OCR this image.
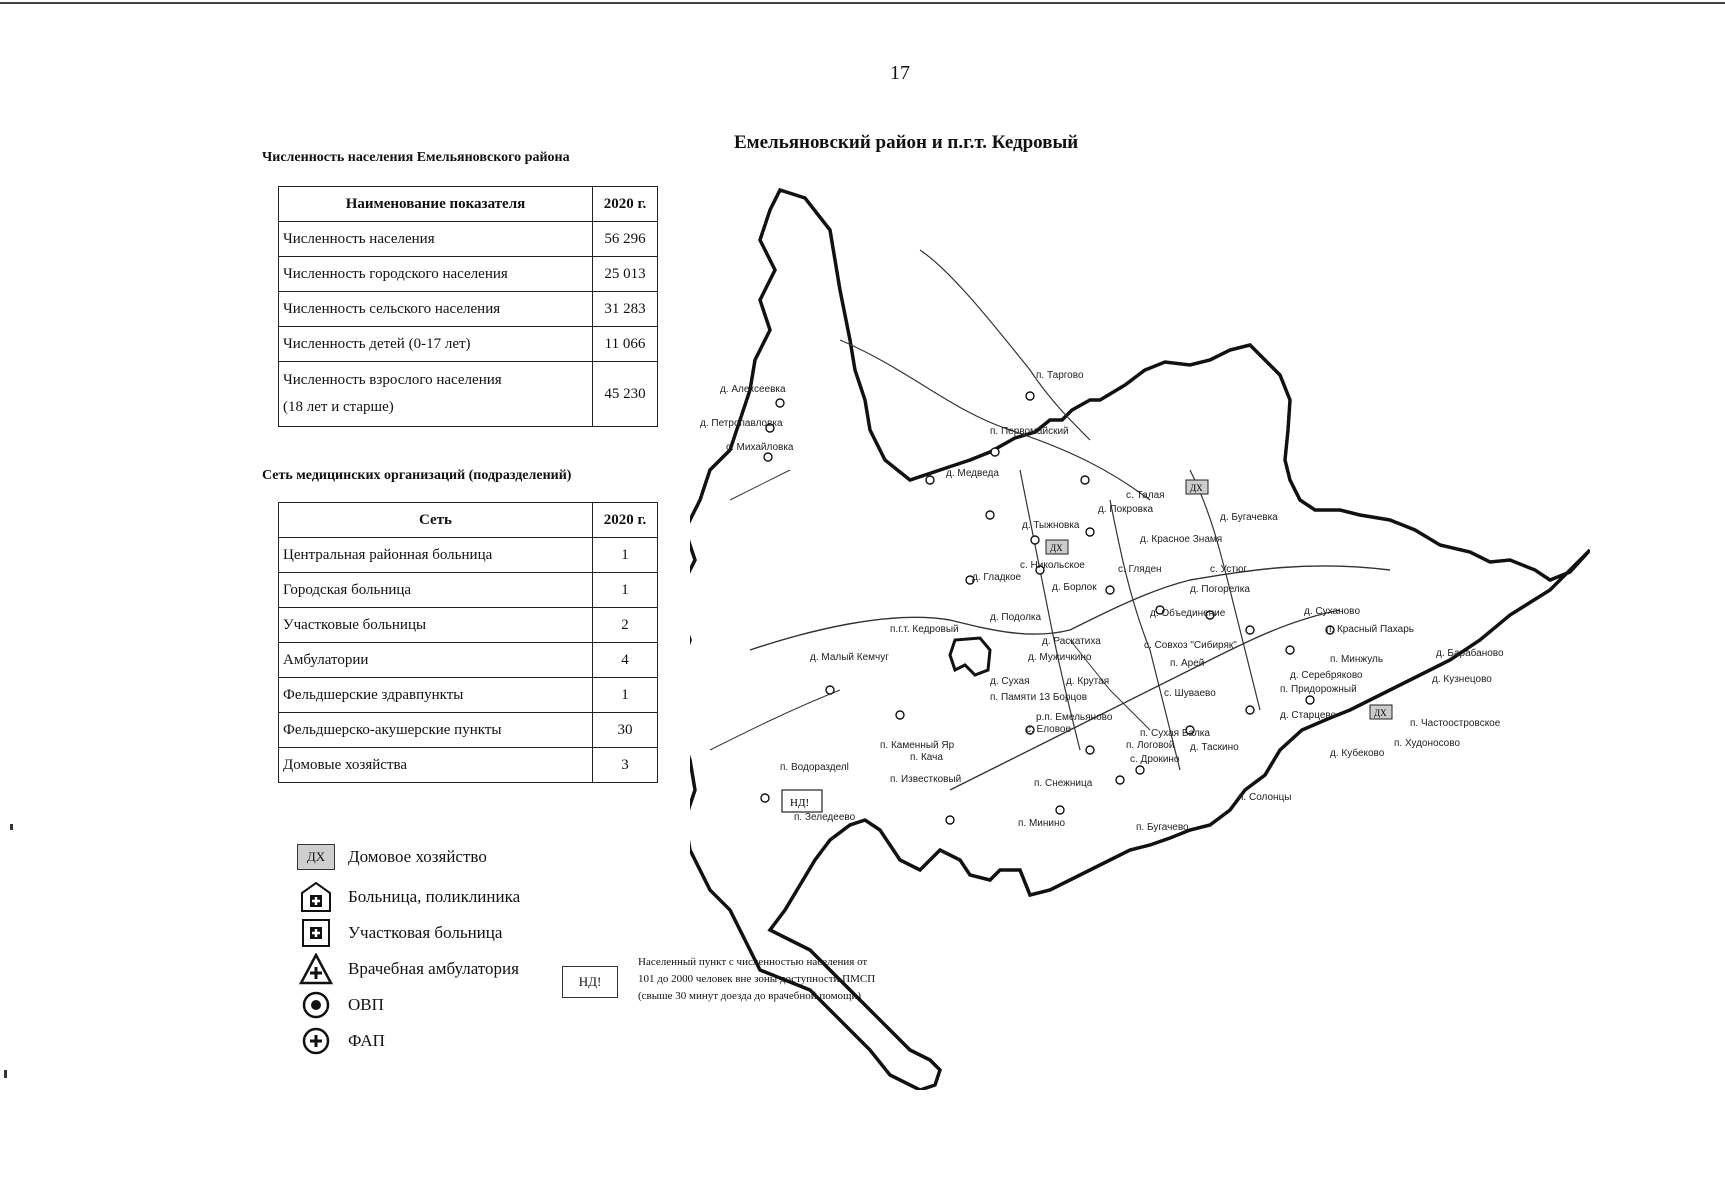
17
Численность населения Емельяновского района
Наименование показателя	2020 г.
Численность населения	56 296
Численность городского населения	25 013
Численность сельского населения	31 283
Численность детей (0-17 лет)	11 066

Численность взрослого населения
(18 лет и старше)	45 230
Сеть медицинских организаций (подразделений)
Сеть	2020 г.
Центральная районная больница	1
Городская больница	1
Участковые больницы	2
Амбулатории	4
Фельдшерские здравпункты	1
Фельдшерско-акушерские пункты	30
Домовые хозяйства	3
Емельяновский район и п.г.т. Кедровый
ДХ
ДХ
ДХ
НД!
п. Таргово
д. Алексеевка
д. Петропавловка
с. Михайловка
п. Первомайский
д. Медведа
с. Талая
д. Покровка
д. Бугачевка
д. Тыжновка
д. Красное Знамя
с. Никольское	с. Гляден	с. Устюг
д. Гладкое
д. Борлок	д. Погорелка
д. Сухановo
д. Подолка	д. Объединение
п.г.т. Кедровый
д. Раскатиха	с. Совхоз "Сибиряк"
п. Красный Пахарь
д. Барабаново
д. Малый Кемчуг	д. Мужичкино
п. Арей	п. Минжуль
д. Сухая	д. Крутая
д. Серебряково	д. Кузнецово
п. Памяти 13 Борцов	с. Шуваево	п. Придорожный
р.п. Емельяново	д. Старцево
п. Частоостровское
с. Еловое	п. Сухая Балка
п. Худоносово
п. Каменный Яр
п. Кача
п. Логовой д. Таскино
д. Кубеково
п. Водоразделl
с. Дрокино
п. Известковый	п. Снежница
п. Солонцы
п. Зеледеево
п. Минино	п. Бугачево
ДХ	Домовое хозяйство
Больница, поликлиника
Участковая больница
Врачебная амбулатория
ОВП
ФАП
НД!
Населенный пункт с численностью населения от 101 до 2000 человек вне зоны доступности ПМСП (свыше 30 минут доезда до врачебной помощи)
